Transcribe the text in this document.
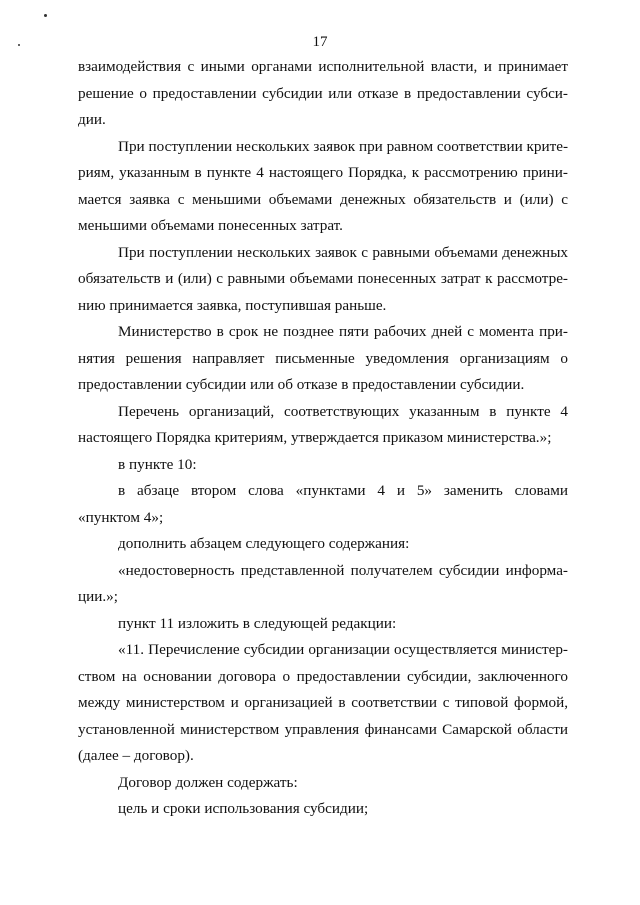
17
взаимодействия с иными органами исполнительной власти, и принимает
решение о предоставлении субсидии или отказе в предоставлении субси-
дии.
При поступлении нескольких заявок при равном соответствии крите-
риям, указанным в пункте 4 настоящего Порядка, к рассмотрению прини-
мается заявка с меньшими объемами денежных обязательств и (или) с
меньшими объемами понесенных затрат.
При поступлении нескольких заявок с равными объемами денежных
обязательств и (или) с равными объемами понесенных затрат к рассмотре-
нию принимается заявка, поступившая раньше.
Министерство в срок не позднее пяти рабочих дней с момента при-
нятия решения направляет письменные уведомления организациям о
предоставлении субсидии или об отказе в предоставлении субсидии.
Перечень организаций, соответствующих указанным в пункте 4
настоящего Порядка критериям, утверждается приказом министерства.»;
в пункте 10:
в абзаце втором слова «пунктами 4 и 5» заменить словами
«пунктом 4»;
дополнить абзацем следующего содержания:
«недостоверность представленной получателем субсидии информа-
ции.»;
пункт 11 изложить в следующей редакции:
«11. Перечисление субсидии организации осуществляется министер-
ством на основании договора о предоставлении субсидии, заключенного
между министерством и организацией в соответствии с типовой формой,
установленной министерством управления финансами Самарской области
(далее – договор).
Договор должен содержать:
цель и сроки использования субсидии;
